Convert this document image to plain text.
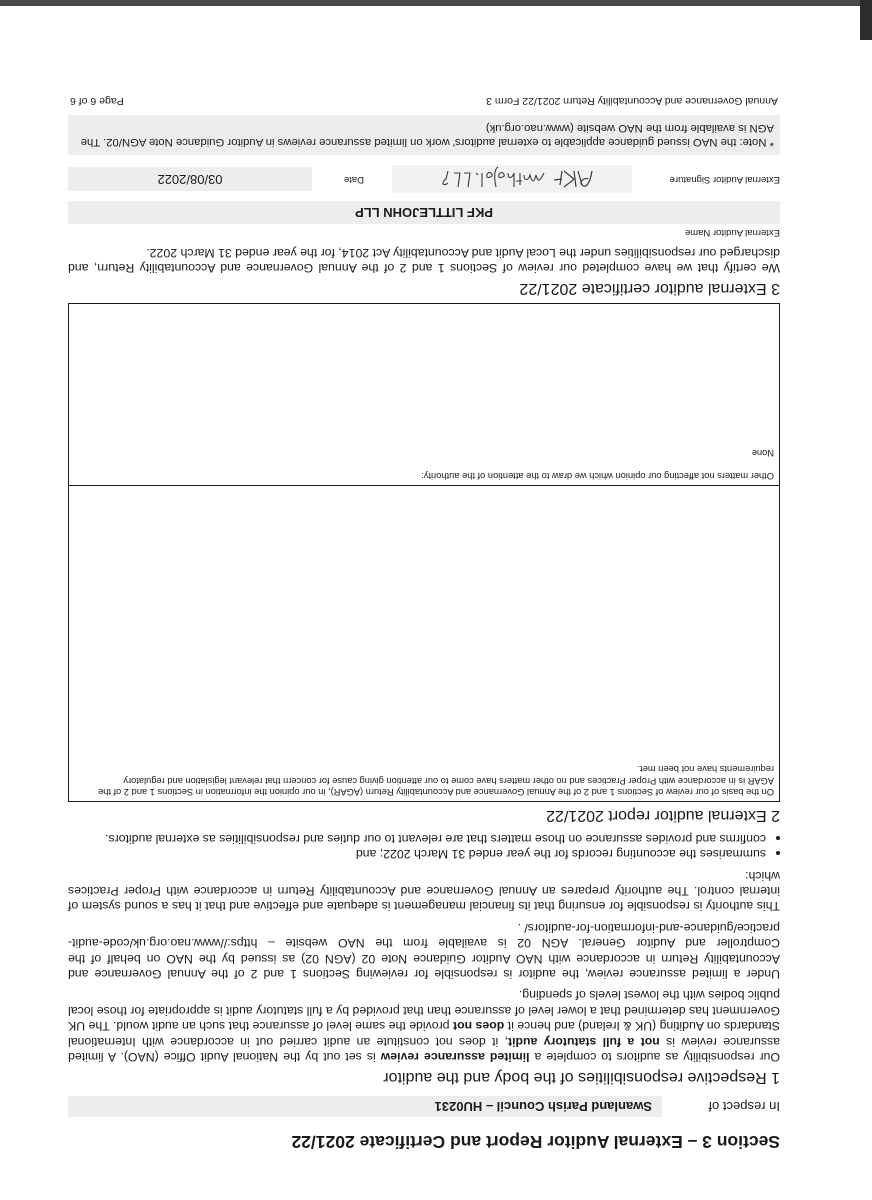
Section 3 – External Auditor Report and Certificate 2021/22
In respect of
Swanland Parish Council – HU0231
1 Respective responsibilities of the body and the auditor

Our responsibility as auditors to complete a limited assurance review is set out by the National Audit Office (NAO). A limited assurance review is not a full statutory audit, it does not constitute an audit carried out in accordance with International Standards on Auditing (UK & Ireland) and hence it does not provide the same level of assurance that such an audit would. The UK Government has determined that a lower level of assurance than that provided by a full statutory audit is appropriate for those local public bodies with the lowest levels of spending.

Under a limited assurance review, the auditor is responsible for reviewing Sections 1 and 2 of the Annual Governance and Accountability Return in accordance with NAO Auditor Guidance Note 02 (AGN 02) as issued by the NAO on behalf of the Comptroller and Auditor General. AGN 02 is available from the NAO website – https://www.nao.org.uk/code-audit-practice/guidance-and-information-for-auditors/ .

This authority is responsible for ensuring that its financial management is adequate and effective and that it has a sound system of internal control. The authority prepares an Annual Governance and Accountability Return in accordance with Proper Practices which:

• summarises the accounting records for the year ended 31 March 2022; and
• confirms and provides assurance on those matters that are relevant to our duties and responsibilities as external auditors.
2 External auditor report 2021/22
On the basis of our review of Sections 1 and 2 of the Annual Governance and Accountability Return (AGAR), in our opinion the information in Sections 1 and 2 of the AGAR is in accordance with Proper Practices and no other matters have come to our attention giving cause for concern that relevant legislation and regulatory requirements have not been met.
Other matters not affecting our opinion which we draw to the attention of the authority:
None
3 External auditor certificate 2021/22

We certify that we have completed our review of Sections 1 and 2 of the Annual Governance and Accountability Return, and discharged our responsibilities under the Local Audit and Accountability Act 2014, for the year ended 31 March 2022.

External Auditor Name
PKF LITTLEJOHN LLP
External Auditor Signature
Date
03/08/2022
* Note: the NAO issued guidance applicable to external auditors' work on limited assurance reviews in Auditor Guidance Note AGN/02. The AGN is available from the NAO website (www.nao.org.uk)
Annual Governance and Accountability Return 2021/22 Form 3
Page 6 of 6
